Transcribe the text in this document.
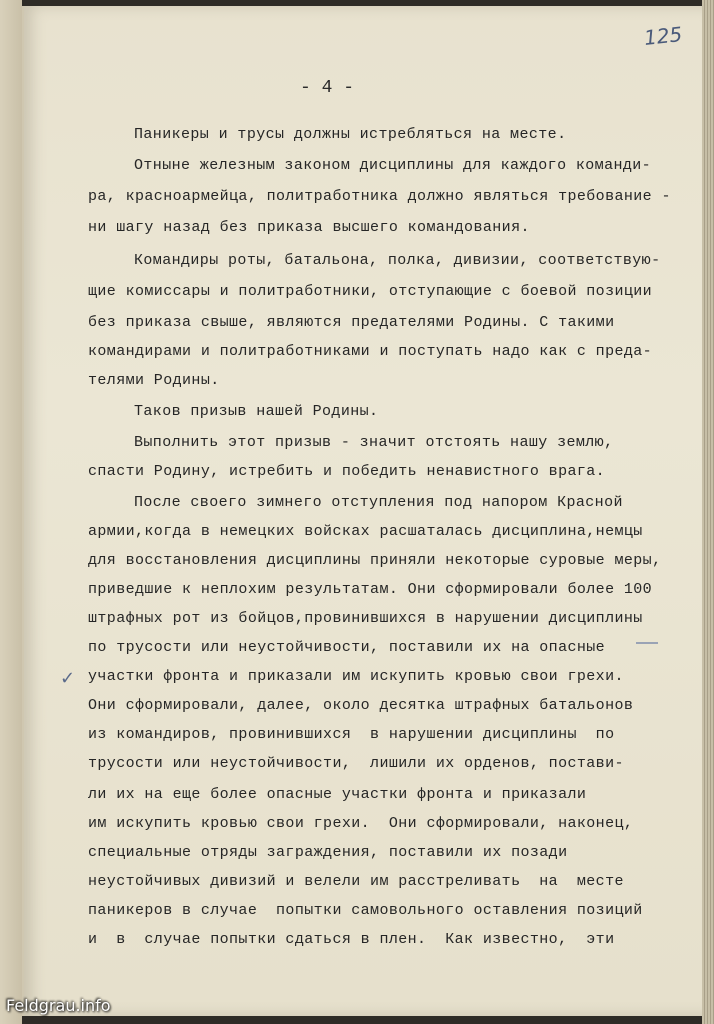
125

- 4 -

Паникеры и трусы должны истребляться на месте.

Отныне железным законом дисциплины для каждого команди-

ра, красноармейца, политработника должно являться требование -

ни шагу назад без приказа высшего командования.

Командиры роты, батальона, полка, дивизии, соответствую-

щие комиссары и политработники, отступающие с боевой позиции

без приказа свыше, являются предателями Родины. С такими

командирами и политработниками и поступать надо как с преда-

телями Родины.

Таков призыв нашей Родины.

Выполнить этот призыв - значит отстоять нашу землю,

спасти Родину, истребить и победить ненавистного врага.

После своего зимнего отступления под напором Красной

армии,когда в немецких войсках расшаталась дисциплина,немцы

для восстановления дисциплины приняли некоторые суровые меры,

приведшие к неплохим результатам. Они сформировали более 100

штрафных рот из бойцов,провинившихся в нарушении дисциплины

по трусости или неустойчивости, поставили их на опасные

участки фронта и приказали им искупить кровью свои грехи.

Они сформировали, далее, около десятка штрафных батальонов

из командиров, провинившихся  в нарушении дисциплины  по

трусости или неустойчивости,  лишили их орденов, постави-

ли их на еще более опасные участки фронта и приказали

им искупить кровью свои грехи.  Они сформировали, наконец,

специальные отряды заграждения, поставили их позади

неустойчивых дивизий и велели им расстреливать  на  месте

паникеров в случае  попытки самовольного оставления позиций

и  в  случае попытки сдаться в плен.  Как известно,  эти

✓

Feldgrau.info
